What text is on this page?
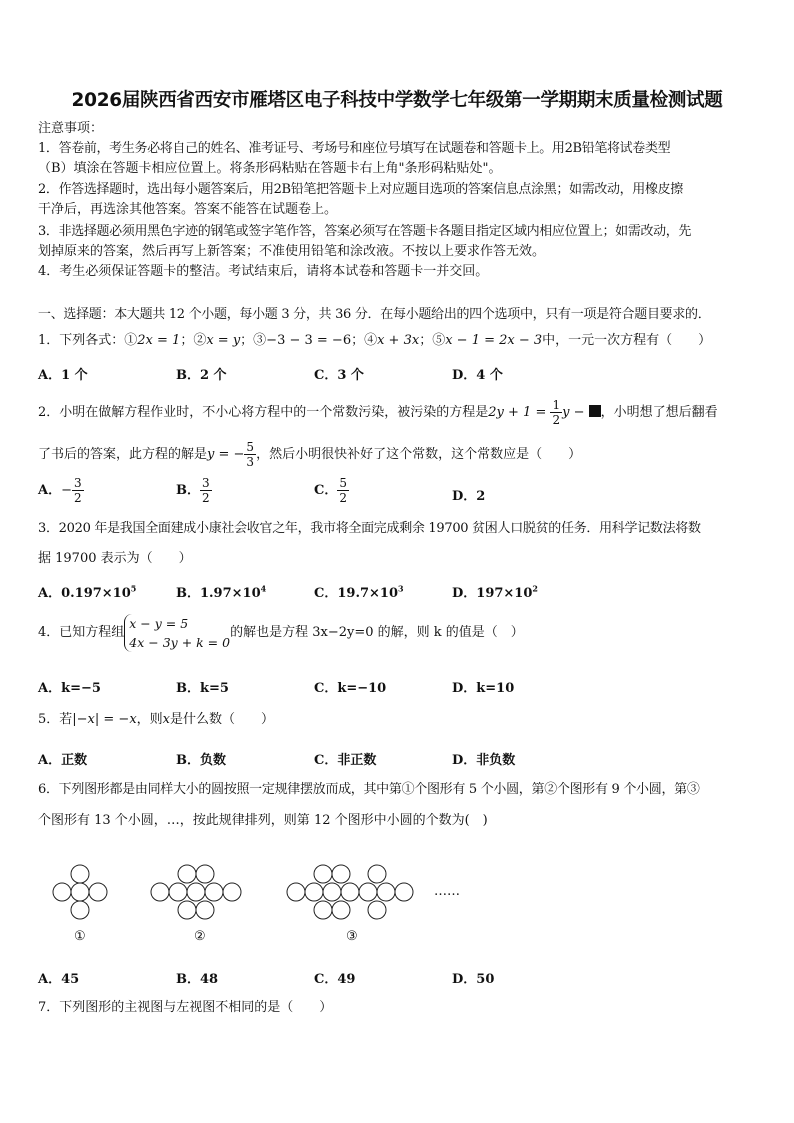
2026届陕西省西安市雁塔区电子科技中学数学七年级第一学期期末质量检测试题
注意事项：
1．答卷前，考生务必将自己的姓名、准考证号、考场号和座位号填写在试题卷和答题卡上。用2B铅笔将试卷类型
（B）填涂在答题卡相应位置上。将条形码粘贴在答题卡右上角"条形码粘贴处"。
2．作答选择题时，选出每小题答案后，用2B铅笔把答题卡上对应题目选项的答案信息点涂黑；如需改动，用橡皮擦
干净后，再选涂其他答案。答案不能答在试题卷上。
3．非选择题必须用黑色字迹的钢笔或签字笔作答，答案必须写在答题卡各题目指定区域内相应位置上；如需改动，先
划掉原来的答案，然后再写上新答案；不准使用铅笔和涂改液。不按以上要求作答无效。
4．考生必须保证答题卡的整洁。考试结束后，请将本试卷和答题卡一并交回。
一、选择题：本大题共 12 个小题，每小题 3 分，共 36 分．在每小题给出的四个选项中，只有一项是符合题目要求的．
1．下列各式：①2x = 1；②x = y；③−3 − 3 = −6；④x + 3x；⑤x − 1 = 2x − 3中，一元一次方程有（　　）
A．1 个	B．2 个	C．3 个	D．4 个
2．小明在做解方程作业时，不小心将方程中的一个常数污染，被污染的方程是$2y + 1 = \frac{1}{2}$ y − ，小明想了想后翻看
了书后的答案，此方程的解是y = − $\frac{5}{3}$ ，然后小明很快补好了这个常数，这个常数应是（　　）
A．− $\frac{3}{2}$	B． $\frac{3}{2}$	C． $\frac{5}{2}$	D．2
3．2020 年是我国全面建成小康社会收官之年，我市将全面完成剩余 19700 贫困人口脱贫的任务．用科学记数法将数
据 19700 表示为（　　）
A．$0.197\times 10^5$	B．$1.97\times 10^4$	C．$19.7\times 10^3$	D．$197\times 10^2$
4．已知方程组
x − y = 5
4x − 3y + k = 0
的解也是方程 3x−2y=0 的解，则 k 的值是（　）
A．k=−5	B．k=5	C．k=−10	D．k=10
5．若|−x| = −x，则x是什么数（　　）
A．正数	B．负数	C．非正数	D．非负数
6．下列图形都是由同样大小的圆按照一定规律摆放而成，其中第①个图形有 5 个小圆，第②个图形有 9 个小圆，第③
个图形有 13 个小圆，…，按此规律排列，则第 12 个图形中小圆的个数为(　)
……
①	②	③
A．45	B．48	C．49	D．50
7．下列图形的主视图与左视图不相同的是（　　）
